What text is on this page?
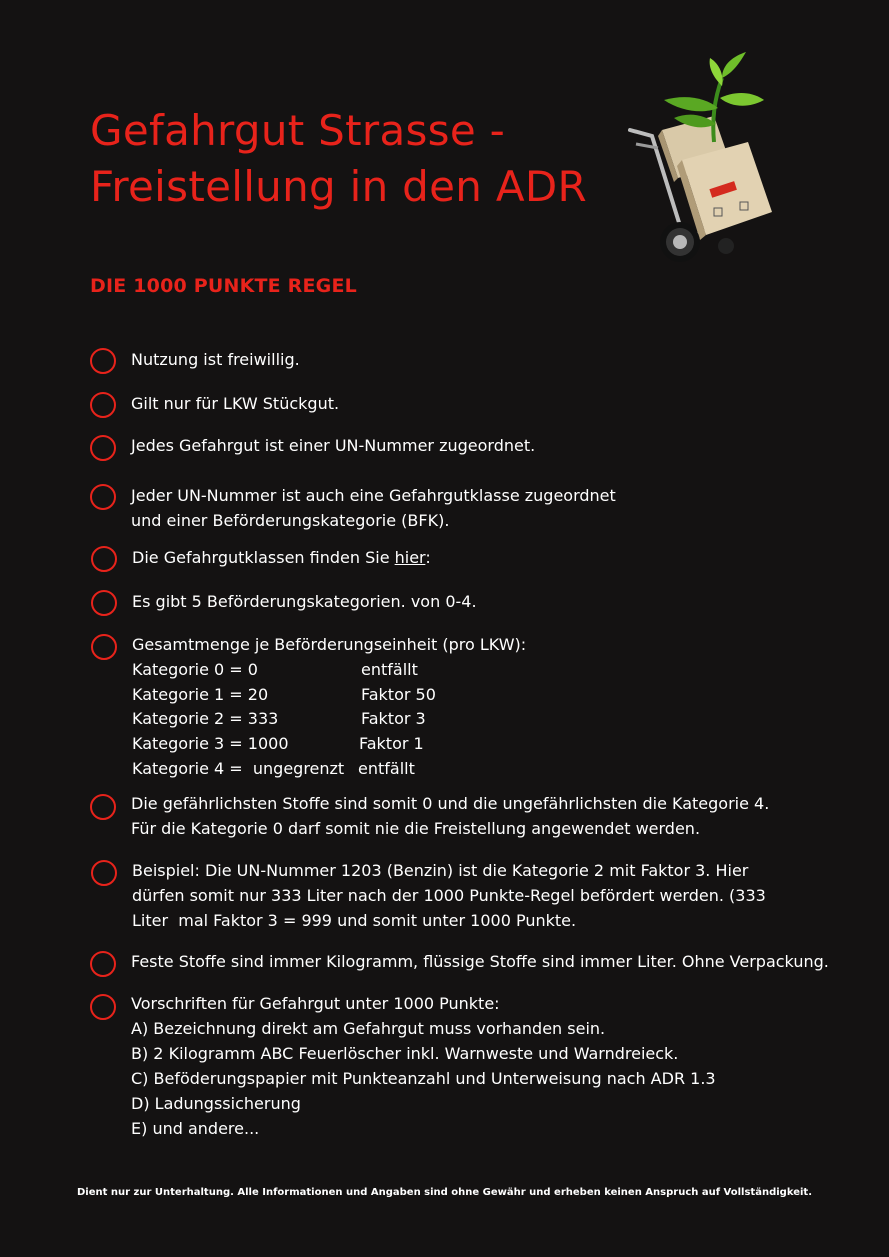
Gefahrgut Strasse -
Freistellung in den ADR
DIE 1000 PUNKTE REGEL
Nutzung ist freiwillig.
Gilt nur für LKW Stückgut.
Jedes Gefahrgut ist einer UN-Nummer zugeordnet.
Jeder UN-Nummer ist auch eine Gefahrgutklasse zugeordnet
und einer Beförderungskategorie (BFK).
Die Gefahrgutklassen finden Sie hier:
Es gibt 5 Beförderungskategorien. von 0-4.
Gesamtmenge je Beförderungseinheit (pro LKW):
Kategorie 0 = 0	entfällt
Kategorie 1 = 20	Faktor 50
Kategorie 2 = 333	Faktor 3
Kategorie 3 = 1000	Faktor 1
Kategorie 4 =  ungegrenzt entfällt
Die gefährlichsten Stoffe sind somit 0 und die ungefährlichsten die Kategorie 4.
Für die Kategorie 0 darf somit nie die Freistellung angewendet werden.
Beispiel: Die UN-Nummer 1203 (Benzin) ist die Kategorie 2 mit Faktor 3. Hier
dürfen somit nur 333 Liter nach der 1000 Punkte-Regel befördert werden. (333
Liter  mal Faktor 3 = 999 und somit unter 1000 Punkte.
Feste Stoffe sind immer Kilogramm, flüssige Stoffe sind immer Liter. Ohne Verpackung.
Vorschriften für Gefahrgut unter 1000 Punkte:
A) Bezeichnung direkt am Gefahrgut muss vorhanden sein.
B) 2 Kilogramm ABC Feuerlöscher inkl. Warnweste und Warndreieck.
C) Beföderungspapier mit Punkteanzahl und Unterweisung nach ADR 1.3
D) Ladungssicherung
E) und andere...
Dient nur zur Unterhaltung. Alle Informationen und Angaben sind ohne Gewähr und erheben keinen Anspruch auf Vollständigkeit.
